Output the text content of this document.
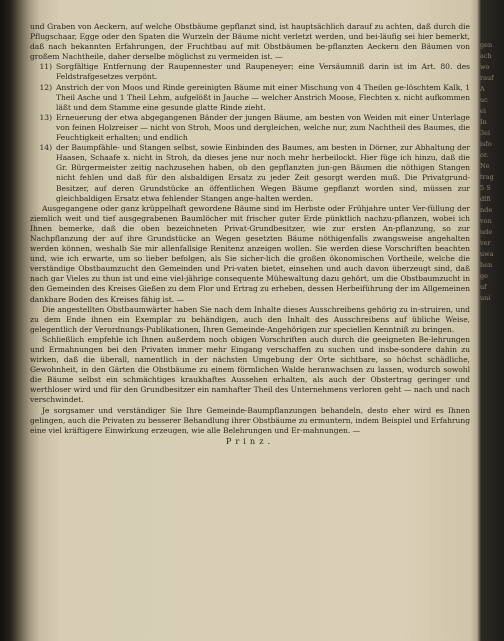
und Graben von Aeckern, auf welche Obstbäume gepflanzt sind, ist hauptsächlich darauf zu achten, daß durch die Pflugschaar, Egge oder den Spaten die Wurzeln der Bäume nicht verletzt werden, und bei-läufig sei hier bemerkt, daß nach bekannten Erfahrungen, der Fruchtbau auf mit Obstbäumen be-pflanzten Aeckern den Bäumen von großem Nachtheile, daher derselbe möglichst zu vermeiden ist. —

11) Sorgfältige Entfernung der Raupennester und Raupeneyer; eine Versäumniß darin ist im Art. 80. des Feldstrafgesetzes verpönt.
12) Anstrich der von Moos und Rinde gereinigten Bäume mit einer Mischung von 4 Theilen ge-löschtem Kalk, 1 Theil Asche und 1 Theil Lehm, aufgelößt in Jauche — welcher Anstrich Moose, Flechten x. nicht aufkommen läßt und dem Stamme eine gesunde glatte Rinde zieht.
13) Erneuerung der etwa abgegangenen Bänder der jungen Bäume, am besten von Weiden mit einer Unterlage von feinen Holzreiser — nicht von Stroh, Moos und dergleichen, welche nur, zum Nachtheil des Baumes, die Feuchtigkeit erhalten; und endlich
14) der Baumpfähle- und Stangen selbst, sowie Einbinden des Baumes, am besten in Dörner, zur Abhaltung der Haasen, Schaafe x. nicht in Stroh, da dieses jene nur noch mehr herbeilockt. Hier füge ich hinzu, daß die Gr. Bürgermeister zeitig nachzusehen haben, ob den gepflanzten jun-gen Bäumen die nöthigen Stangen nicht fehlen und daß für den alsbaldigen Ersatz zu jeder Zeit gesorgt werden muß. Die Privatgrund-Besitzer, auf deren Grundstücke an öffentlichen Wegen Bäume gepflanzt worden sind, müssen zur gleichbaldigen Ersatz etwa fehlender Stangen ange-halten werden.

Ausgegangene oder ganz krüppelhaft gewordene Bäume sind im Herbste oder Frühjahre unter Ver-füllung der ziemlich weit und tief ausgegrabenen Baumlöcher mit frischer guter Erde pünktlich nachzu-pflanzen, wobei ich Ihnen bemerke, daß die oben bezeichneten Privat-Grundbesitzer, wie zur ersten An-pflanzung, so zur Nachpflanzung der auf ihre Grundstücke an Wegen gesetzten Bäume nöthigenfalls zwangsweise angehalten werden können, weshalb Sie mir allenfallsige Renitenz anzeigen wollen. Sie werden diese Vorschriften beachten und, wie ich erwarte, um so lieber befolgen, als Sie sicher-lich die großen ökonomischen Vortheile, welche die verständige Obstbaumzucht den Gemeinden und Pri-vaten bietet, einsehen und auch davon überzeugt sind, daß nach gar Vieles zu thun ist und eine viel-jährige consequente Mühewaltung dazu gehört, um die Obstbaumzucht in den Gemeinden des Kreises Gießen zu dem Flor und Ertrag zu erheben, dessen Herbeiführung der im Allgemeinen dankbare Boden des Kreises fähig ist. —

Die angestellten Obstbaumwärter haben Sie nach dem Inhalte dieses Ausschreibens gehörig zu in-struiren, und zu dem Ende ihnen ein Exemplar zu behändigen, auch den Inhalt des Ausschreibens auf übliche Weise, gelegentlich der Verordnungs-Publikationen, Ihren Gemeinde-Angehörigen zur speciellen Kenntniß zu bringen.

Schließlich empfehle ich Ihnen außerdem noch obigen Vorschriften auch durch die geeigneten Be-lehrungen und Ermahnungen bei den Privaten immer mehr Eingang verschaffen zu suchen und insbe-sondere dahin zu wirken, daß die überall, namentlich in der nächsten Umgebung der Orte sichtbare, so höchst schädliche, Gewohnheit, in den Gärten die Obstbäume zu einem förmlichen Walde heranwachsen zu lassen, wodurch sowohl die Bäume selbst ein schmächtiges kraukhaftes Aussehen erhalten, als auch der Obstertrag geringer und werthloser wird und für den Grundbesitzer ein namhafter Theil des Unternehmens verloren geht — nach und nach verschwindet.

Je sorgsamer und verständiger Sie Ihre Gemeinde-Baumpflanzungen behandeln, desto eher wird es Ihnen gelingen, auch die Privaten zu besserer Behandlung ihrer Obstbäume zu ermuntern, indem Beispiel und Erfahrung eine viel kräftigere Einwirkung erzeugen, wie alle Belehrungen und Er-mahnungen. —

Prinz.

gen
ach
wo
rauf
A
uc
ei
In
3ei
isfo
or.
Ne
trag
5 S
dlfi
nde
von
ude
ver
uwa
hen
ge
uf
uni
